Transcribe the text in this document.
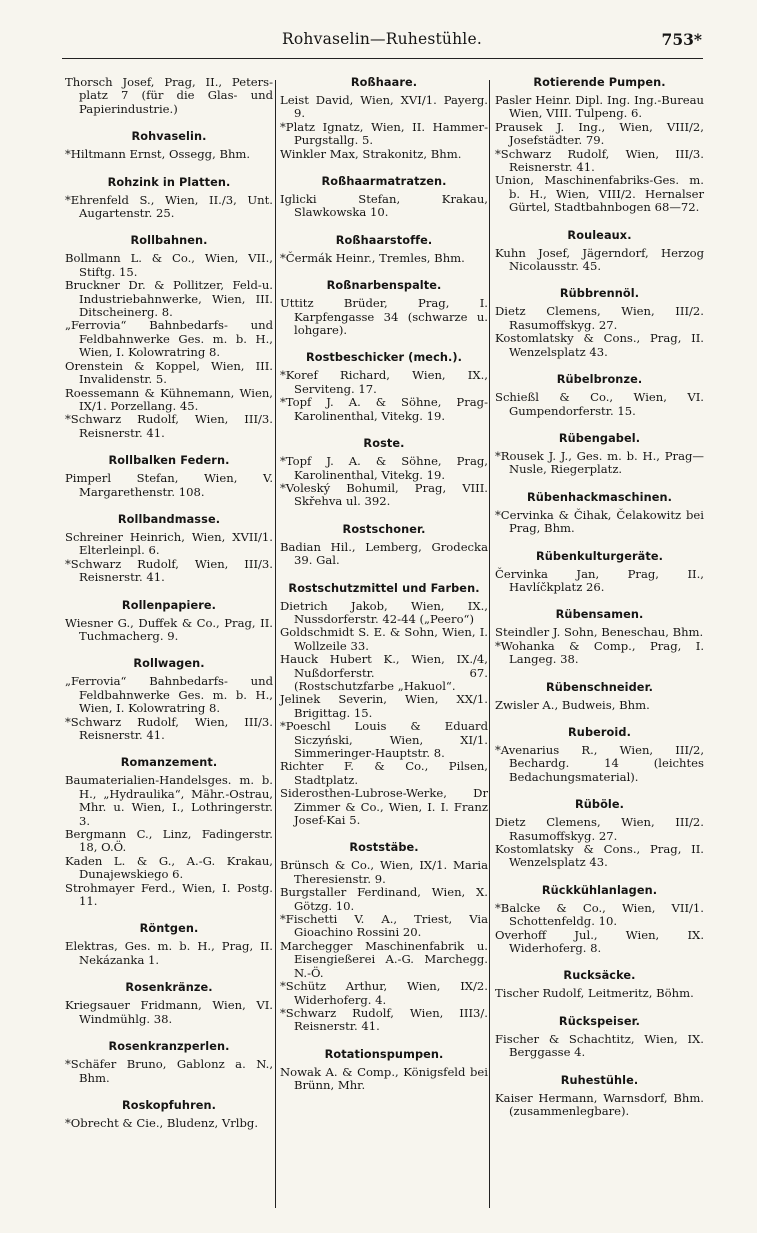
Rohvaselin—Ruhestühle.	753*
Thorsch Josef, Prag, II., Peters-platz 7 (für die Glas- und Papierindustrie.)
Rohvaselin.
*Hiltmann Ernst, Ossegg, Bhm.
Rohzink in Platten.
*Ehrenfeld S., Wien, II./3, Unt. Augartenstr. 25.
Rollbahnen.
Bollmann L. & Co., Wien, VII., Stiftg. 15.
Bruckner Dr. & Pollitzer, Feld-u. Industriebahnwerke, Wien, III. Ditscheinerg. 8.
„Ferrovia“ Bahnbedarfs- und Feldbahnwerke Ges. m. b. H., Wien, I. Kolowratring 8.
Orenstein & Koppel, Wien, III. Invalidenstr. 5.
Roessemann & Kühnemann, Wien, IX/1. Porzellang. 45.
*Schwarz Rudolf, Wien, III/3. Reisnerstr. 41.
Rollbalken Federn.
Pimperl Stefan, Wien, V. Margarethenstr. 108.
Rollbandmasse.
Schreiner Heinrich, Wien, XVII/1. Elterleinpl. 6.
*Schwarz Rudolf, Wien, III/3. Reisnerstr. 41.
Rollenpapiere.
Wiesner G., Duffek & Co., Prag, II. Tuchmacherg. 9.
Rollwagen.
„Ferrovia“ Bahnbedarfs- und Feldbahnwerke Ges. m. b. H., Wien, I. Kolowratring 8.
*Schwarz Rudolf, Wien, III/3. Reisnerstr. 41.
Romanzement.
Baumaterialien-Handelsges. m. b. H., „Hydraulika“, Mähr.-Ostrau, Mhr. u. Wien, I., Lothringerstr. 3.
Bergmann C., Linz, Fadingerstr. 18, O.Ö.
Kaden L. & G., A.-G. Krakau, Dunajewskiego 6.
Strohmayer Ferd., Wien, I. Postg. 11.
Röntgen.
Elektras, Ges. m. b. H., Prag, II. Nekázanka 1.
Rosenkränze.
Kriegsauer Fridmann, Wien, VI. Windmühlg. 38.
Rosenkranzperlen.
*Schäfer Bruno, Gablonz a. N., Bhm.
Roskopfuhren.
*Obrecht & Cie., Bludenz, Vrlbg.
Roßhaare.
Leist David, Wien, XVI/1. Payerg. 9.
*Platz Ignatz, Wien, II. Hammer-Purgstallg. 5.
Winkler Max, Strakonitz, Bhm.
Roßhaarmatratzen.
Iglicki Stefan, Krakau, Slawkowska 10.
Roßhaarstoffe.
*Čermák Heinr., Tremles, Bhm.
Roßnarbenspalte.
Uttitz Brüder, Prag, I. Karpfengasse 34 (schwarze u. lohgare).
Rostbeschicker (mech.).
*Koref Richard, Wien, IX., Serviteng. 17.
*Topf J. A. & Söhne, Prag-Karolinenthal, Vitekg. 19.
Roste.
*Topf J. A. & Söhne, Prag, Karolinenthal, Vitekg. 19.
*Voleský Bohumil, Prag, VIII. Skřehva ul. 392.
Rostschoner.
Badian Hil., Lemberg, Grodecka 39. Gal.
Rostschutzmittel und Farben.
Dietrich Jakob, Wien, IX., Nussdorferstr. 42-44 („Peero“)
Goldschmidt S. E. & Sohn, Wien, I. Wollzeile 33.
Hauck Hubert K., Wien, IX./4, Nußdorferstr. 67. (Rostschutzfarbe „Hakuol“.
Jelinek Severin, Wien, XX/1. Brigittag. 15.
*Poeschl Louis & Eduard Siczyński, Wien, XI/1. Simmeringer-Hauptstr. 8.
Richter F. & Co., Pilsen, Stadtplatz.
Siderosthen-Lubrose-Werke, Dr Zimmer & Co., Wien, I. I. Franz Josef-Kai 5.
Roststäbe.
Brünsch & Co., Wien, IX/1. Maria Theresienstr. 9.
Burgstaller Ferdinand, Wien, X. Götzg. 10.
*Fischetti V. A., Triest, Via Gioachino Rossini 20.
Marchegger Maschinenfabrik u. Eisengießerei A.-G. Marchegg. N.-Ö.
*Schütz Arthur, Wien, IX/2. Widerhoferg. 4.
*Schwarz Rudolf, Wien, III3/. Reisnerstr. 41.
Rotationspumpen.
Nowak A. & Comp., Königsfeld bei Brünn, Mhr.
Rotierende Pumpen.
Pasler Heinr. Dipl. Ing. Ing.-Bureau Wien, VIII. Tulpeng. 6.
Prausek J. Ing., Wien, VIII/2, Josefstädter. 79.
*Schwarz Rudolf, Wien, III/3. Reisnerstr. 41.
Union, Maschinenfabriks-Ges. m. b. H., Wien, VIII/2. Hernalser Gürtel, Stadtbahnbogen 68—72.
Rouleaux.
Kuhn Josef, Jägerndorf, Herzog Nicolausstr. 45.
Rübbrennöl.
Dietz Clemens, Wien, III/2. Rasumoffskyg. 27.
Kostomlatsky & Cons., Prag, II. Wenzelsplatz 43.
Rübelbronze.
Schießl & Co., Wien, VI. Gumpendorferstr. 15.
Rübengabel.
*Rousek J. J., Ges. m. b. H., Prag—Nusle, Riegerplatz.
Rübenhackmaschinen.
*Cervinka & Čihak, Čelakowitz bei Prag, Bhm.
Rübenkulturgeräte.
Červinka Jan, Prag, II., Havlíčkplatz 26.
Rübensamen.
Steindler J. Sohn, Beneschau, Bhm.
*Wohanka & Comp., Prag, I. Langeg. 38.
Rübenschneider.
Zwisler A., Budweis, Bhm.
Ruberoid.
*Avenarius R., Wien, III/2, Bechardg. 14 (leichtes Bedachungsmaterial).
Rüböle.
Dietz Clemens, Wien, III/2. Rasumoffskyg. 27.
Kostomlatsky & Cons., Prag, II. Wenzelsplatz 43.
Rückkühlanlagen.
*Balcke & Co., Wien, VII/1. Schottenfeldg. 10.
Overhoff Jul., Wien, IX. Widerhoferg. 8.
Rucksäcke.
Tischer Rudolf, Leitmeritz, Böhm.
Rückspeiser.
Fischer & Schachtitz, Wien, IX. Berggasse 4.
Ruhestühle.
Kaiser Hermann, Warnsdorf, Bhm. (zusammenlegbare).
